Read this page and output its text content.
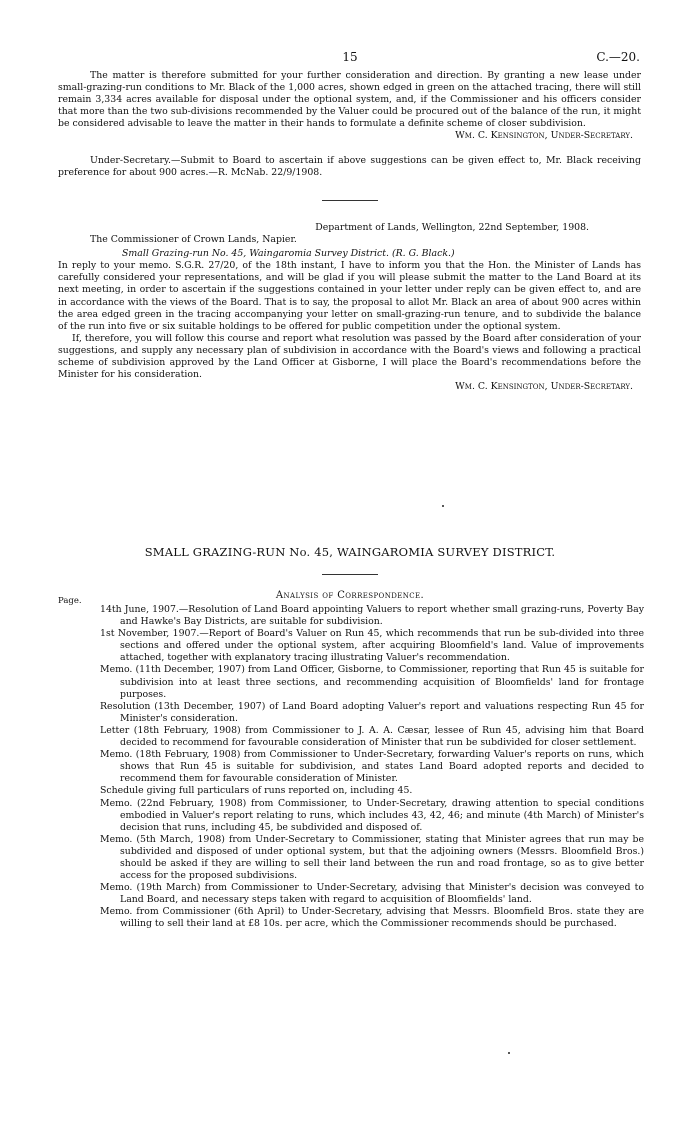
15	C.—20.

The matter is therefore submitted for your further consideration and direction. By granting a new lease under small-grazing-run conditions to Mr. Black of the 1,000 acres, shown edged in green on the attached tracing, there will still remain 3,334 acres available for disposal under the optional system, and, if the Commissioner and his officers consider that more than the two sub-divisions recommended by the Valuer could be procured out of the balance of the run, it might be considered advisable to leave the matter in their hands to formulate a definite scheme of closer subdivision.

Wm. C. Kensington, Under-Secretary.

Under-Secretary.—Submit to Board to ascertain if above suggestions can be given effect to, Mr. Black receiving preference for about 900 acres.—R. McNab. 22/9/1908.

Department of Lands, Wellington, 22nd September, 1908.

The Commissioner of Crown Lands, Napier.

Small Grazing-run No. 45, Waingaromia Survey District. (R. G. Black.)

In reply to your memo. S.G.R. 27/20, of the 18th instant, I have to inform you that the Hon. the Minister of Lands has carefully considered your representations, and will be glad if you will please submit the matter to the Land Board at its next meeting, in order to ascertain if the suggestions contained in your letter under reply can be given effect to, and are in accordance with the views of the Board. That is to say, the proposal to allot Mr. Black an area of about 900 acres within the area edged green in the tracing accompanying your letter on small-grazing-run tenure, and to subdivide the balance of the run into five or six suitable holdings to be offered for public competition under the optional system.

If, therefore, you will follow this course and report what resolution was passed by the Board after consideration of your suggestions, and supply any necessary plan of subdivision in accordance with the Board's views and following a practical scheme of subdivision approved by the Land Officer at Gisborne, I will place the Board's recommendations before the Minister for his consideration.

Wm. C. Kensington, Under-Secretary.
SMALL GRAZING-RUN No. 45, WAINGAROMIA SURVEY DISTRICT.
Analysis of Correspondence.
Page.

14th June, 1907.—Resolution of Land Board appointing Valuers to report whether small grazing-runs, Poverty Bay and Hawke's Bay Districts, are suitable for subdivision.

1st November, 1907.—Report of Board's Valuer on Run 45, which recommends that run be sub-divided into three sections and offered under the optional system, after acquiring Bloomfield's land. Value of improvements attached, together with explanatory tracing illustrating Valuer's recommendation.

Memo. (11th December, 1907) from Land Officer, Gisborne, to Commissioner, reporting that Run 45 is suitable for subdivision into at least three sections, and recommending acquisition of Bloomfields' land for frontage purposes.

Resolution (13th December, 1907) of Land Board adopting Valuer's report and valuations respecting Run 45 for Minister's consideration.

Letter (18th February, 1908) from Commissioner to J. A. A. Cæsar, lessee of Run 45, advising him that Board decided to recommend for favourable consideration of Minister that run be subdivided for closer settlement.

Memo. (18th February, 1908) from Commissioner to Under-Secretary, forwarding Valuer's reports on runs, which shows that Run 45 is suitable for subdivision, and states Land Board adopted reports and decided to recommend them for favourable consideration of Minister.

Schedule giving full particulars of runs reported on, including 45.

Memo. (22nd February, 1908) from Commissioner, to Under-Secretary, drawing attention to special conditions embodied in Valuer's report relating to runs, which includes 43, 42, 46; and minute (4th March) of Minister's decision that runs, including 45, be subdivided and disposed of.

Memo. (5th March, 1908) from Under-Secretary to Commissioner, stating that Minister agrees that run may be subdivided and disposed of under optional system, but that the adjoining owners (Messrs. Bloomfield Bros.) should be asked if they are willing to sell their land between the run and road frontage, so as to give better access for the proposed subdivisions.

Memo. (19th March) from Commissioner to Under-Secretary, advising that Minister's decision was conveyed to Land Board, and necessary steps taken with regard to acquisition of Bloomfields' land.

Memo. from Commissioner (6th April) to Under-Secretary, advising that Messrs. Bloomfield Bros. state they are willing to sell their land at £8 10s. per acre, which the Commissioner recommends should be purchased.
